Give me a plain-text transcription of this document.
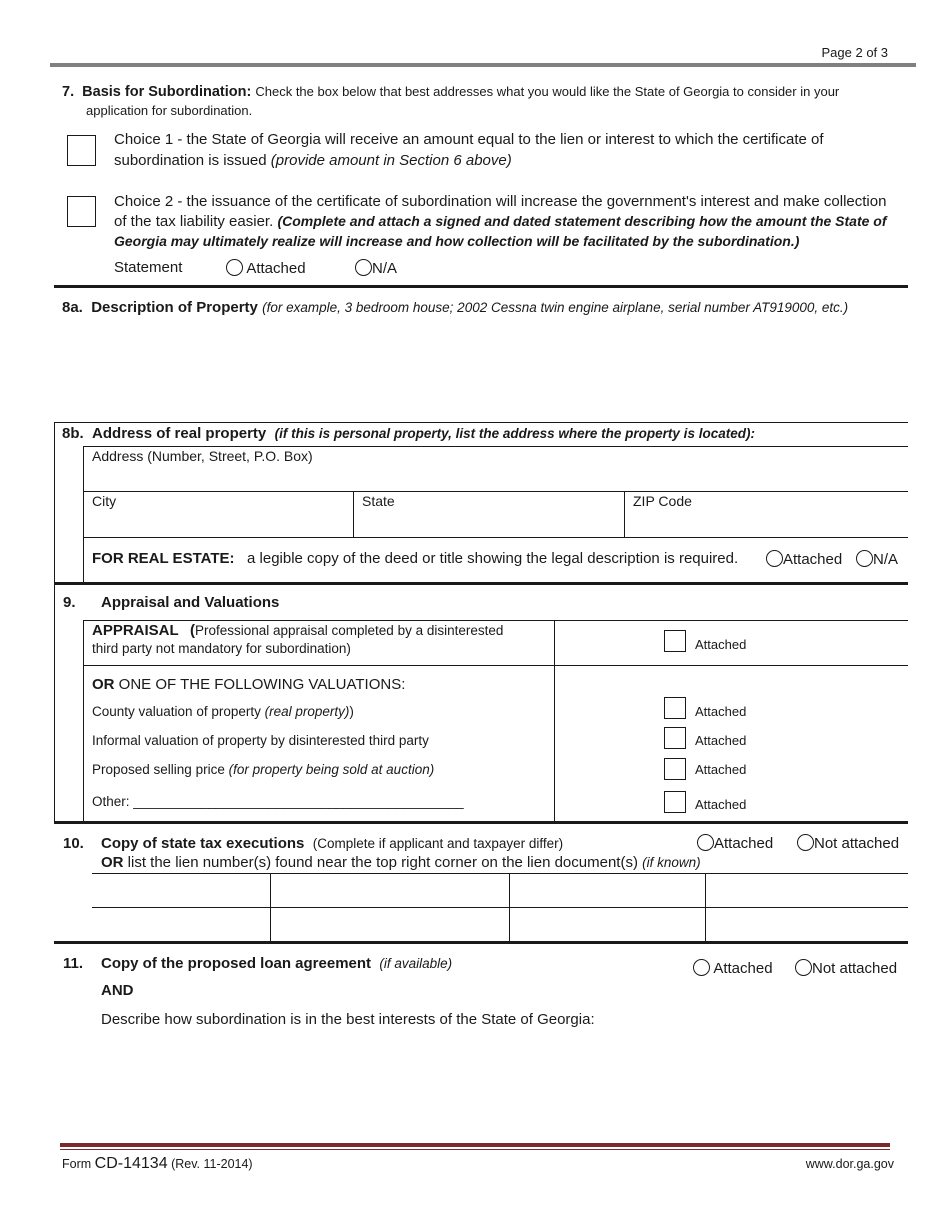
Page 2 of 3
7. Basis for Subordination: Check the box below that best addresses what you would like the State of Georgia to consider in your
application for subordination.
Choice 1 - the State of Georgia will receive an amount equal to the lien or interest to which the certificate of
subordination is issued (provide amount in Section 6 above)
Choice 2 - the issuance of the certificate of subordination will increase the government's interest and make collection
of the tax liability easier. (Complete and attach a signed and dated statement describing how the amount the State of
Georgia may ultimately realize will increase and how collection will be facilitated by the subordination.)
Statement	Attached	N/A
8a. Description of Property (for example, 3 bedroom house; 2002 Cessna twin engine airplane, serial number AT919000, etc.)
8b. Address of real property (if this is personal property, list the address where the property is located):
Address (Number, Street, P.O. Box)
City	State	ZIP Code
FOR REAL ESTATE: a legible copy of the deed or title showing the legal description is required.	Attached	N/A
9. Appraisal and Valuations
APPRAISAL (Professional appraisal completed by a disinterested
third party not mandatory for subordination)	Attached
OR ONE OF THE FOLLOWING VALUATIONS:
County valuation of property (real property))	Attached
Informal valuation of property by disinterested third party	Attached
Proposed selling price (for property being sold at auction)	Attached
Other: ____________________________________________	Attached
10. Copy of state tax executions (Complete if applicant and taxpayer differ)	Attached	Not attached
OR list the lien number(s) found near the top right corner on the lien document(s) (if known)
11. Copy of the proposed loan agreement (if available)	Attached	Not attached
AND
Describe how subordination is in the best interests of the State of Georgia:
Form CD-14134 (Rev. 11-2014)	www.dor.ga.gov
